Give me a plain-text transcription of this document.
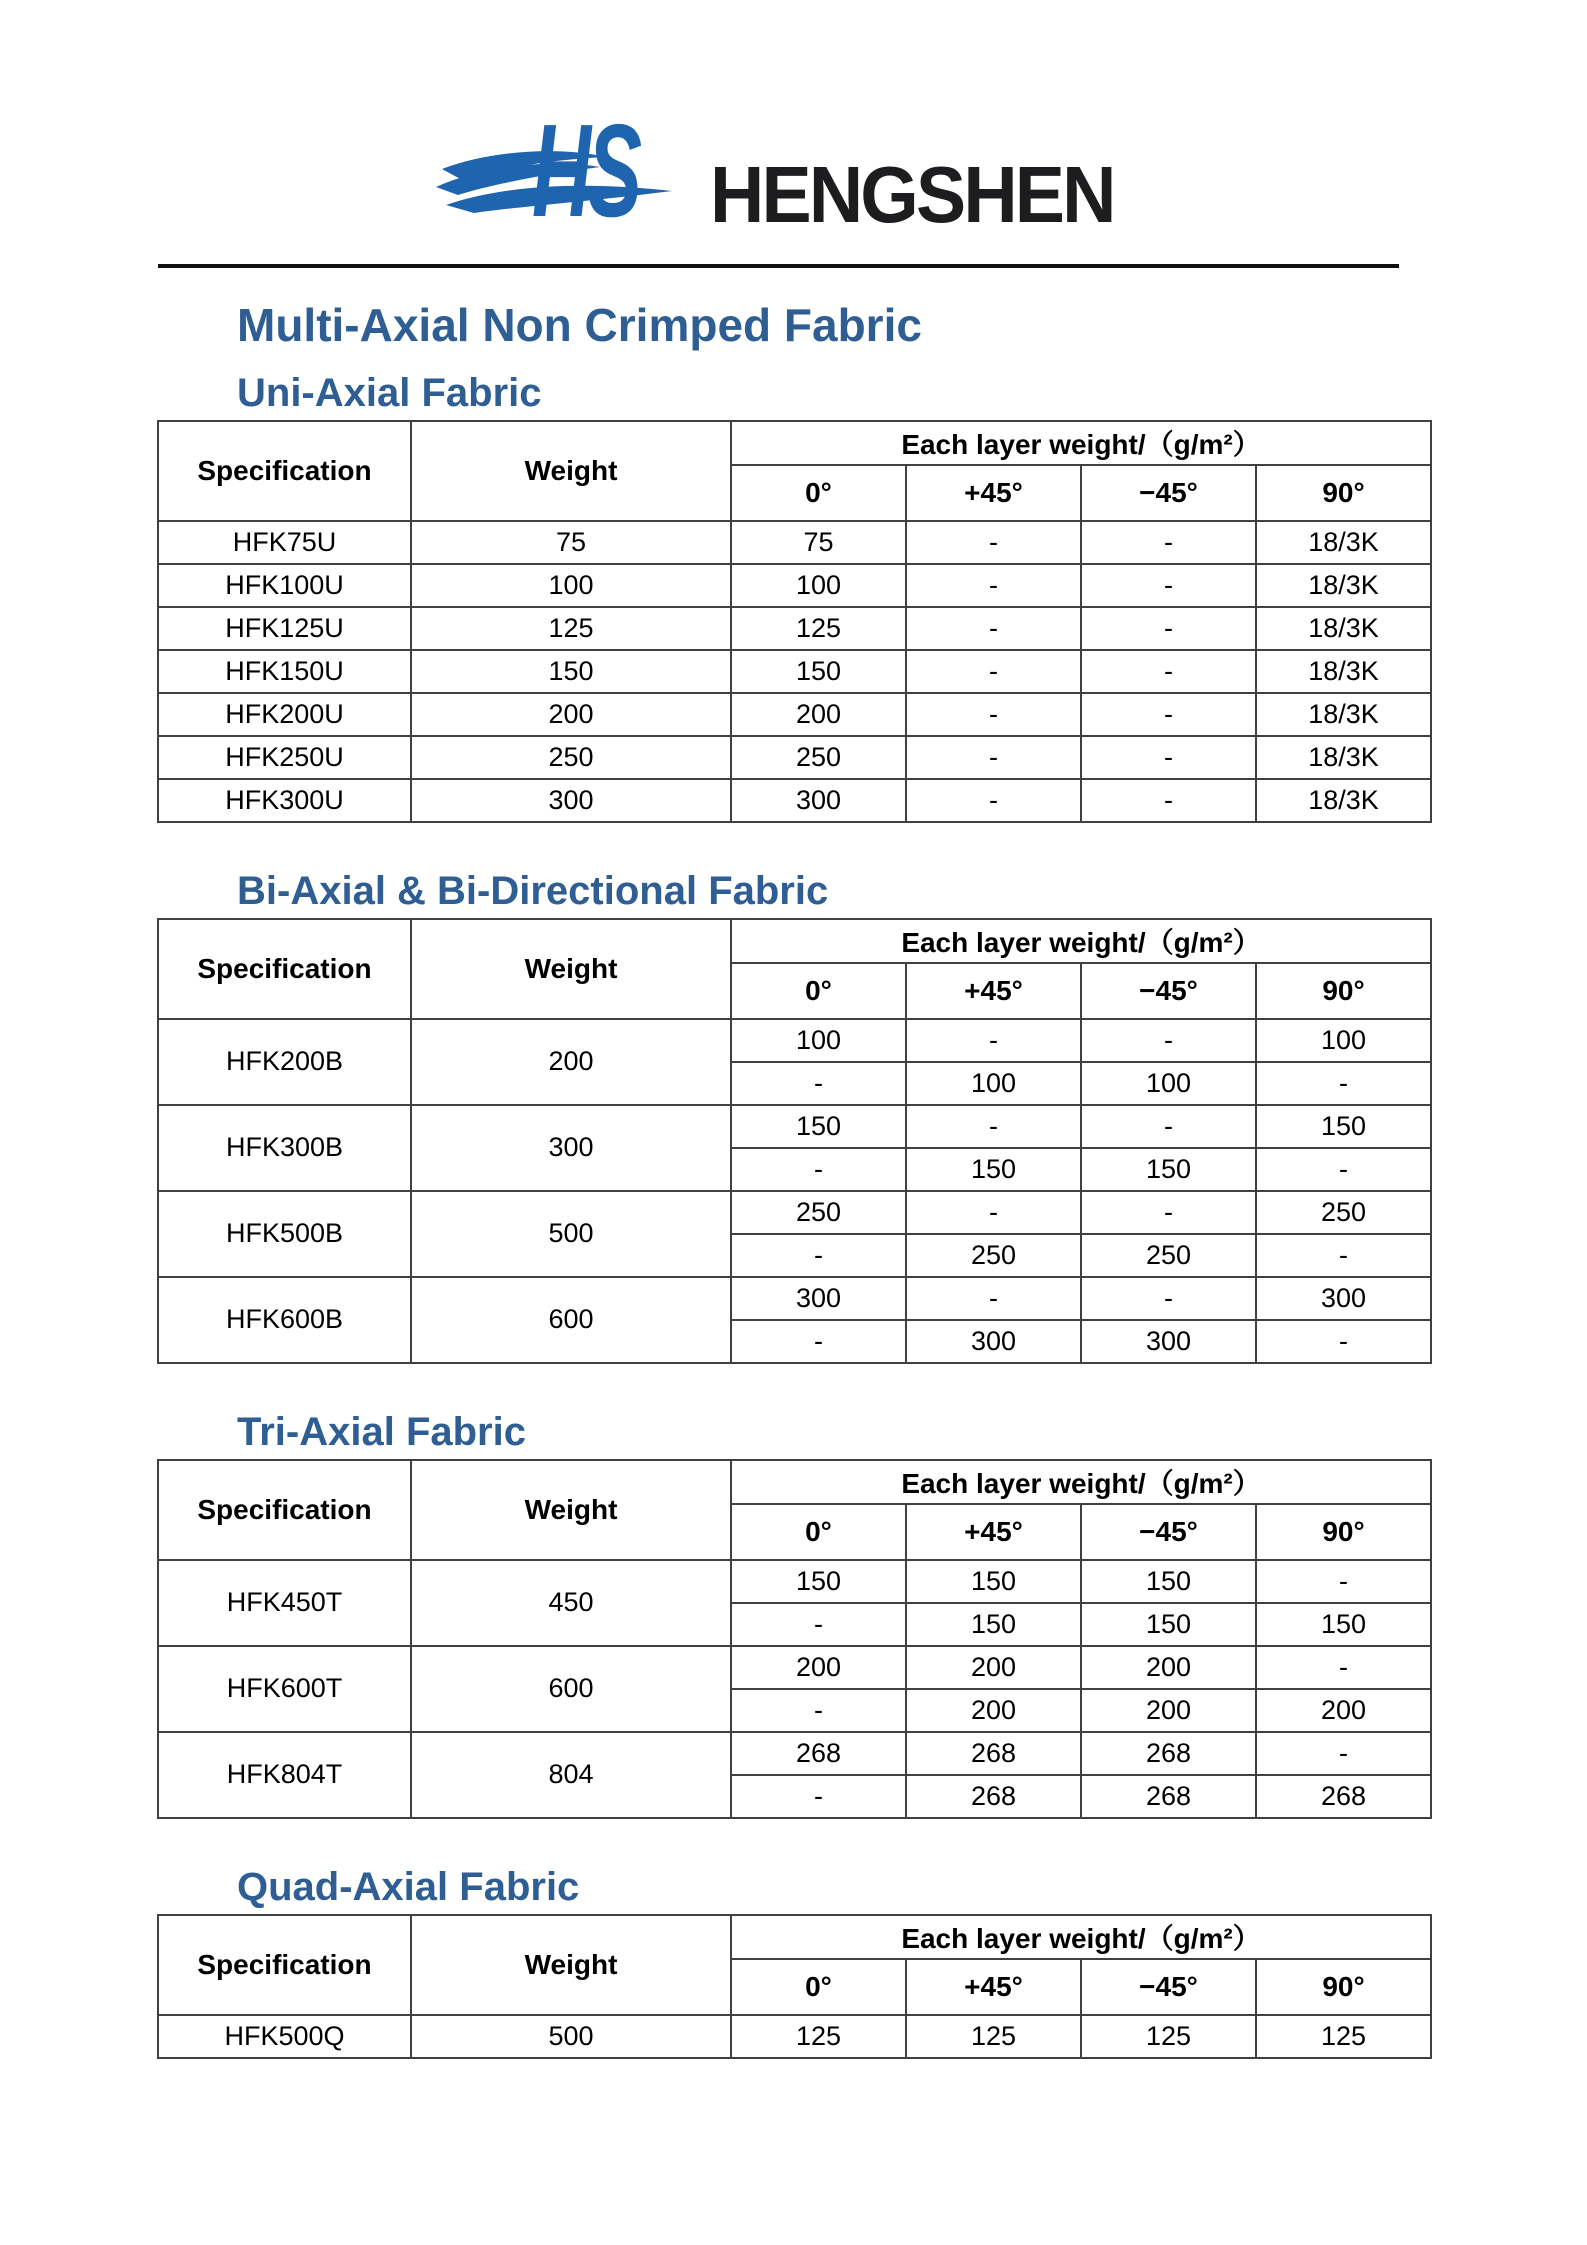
HS HENGSHEN
Multi-Axial Non Crimped Fabric
Uni-Axial Fabric
Specification	Weight	Each layer weight/（g/m²）			
		0°	+45°	−45°	90°
HFK75U	75	75	-	-	18/3K
HFK100U	100	100	-	-	18/3K
HFK125U	125	125	-	-	18/3K
HFK150U	150	150	-	-	18/3K
HFK200U	200	200	-	-	18/3K
HFK250U	250	250	-	-	18/3K
HFK300U	300	300	-	-	18/3K
Bi-Axial & Bi-Directional Fabric
Specification	Weight	Each layer weight/（g/m²）			
		0°	+45°	−45°	90°
HFK200B	200	100	-	-	100
		-	100	100	-
HFK300B	300	150	-	-	150
		-	150	150	-
HFK500B	500	250	-	-	250
		-	250	250	-
HFK600B	600	300	-	-	300
		-	300	300	-
Tri-Axial Fabric
Specification	Weight	Each layer weight/（g/m²）			
		0°	+45°	−45°	90°
HFK450T	450	150	150	150	-
		-	150	150	150
HFK600T	600	200	200	200	-
		-	200	200	200
HFK804T	804	268	268	268	-
		-	268	268	268
Quad-Axial Fabric
Specification	Weight	Each layer weight/（g/m²）			
		0°	+45°	−45°	90°
HFK500Q	500	125	125	125	125
